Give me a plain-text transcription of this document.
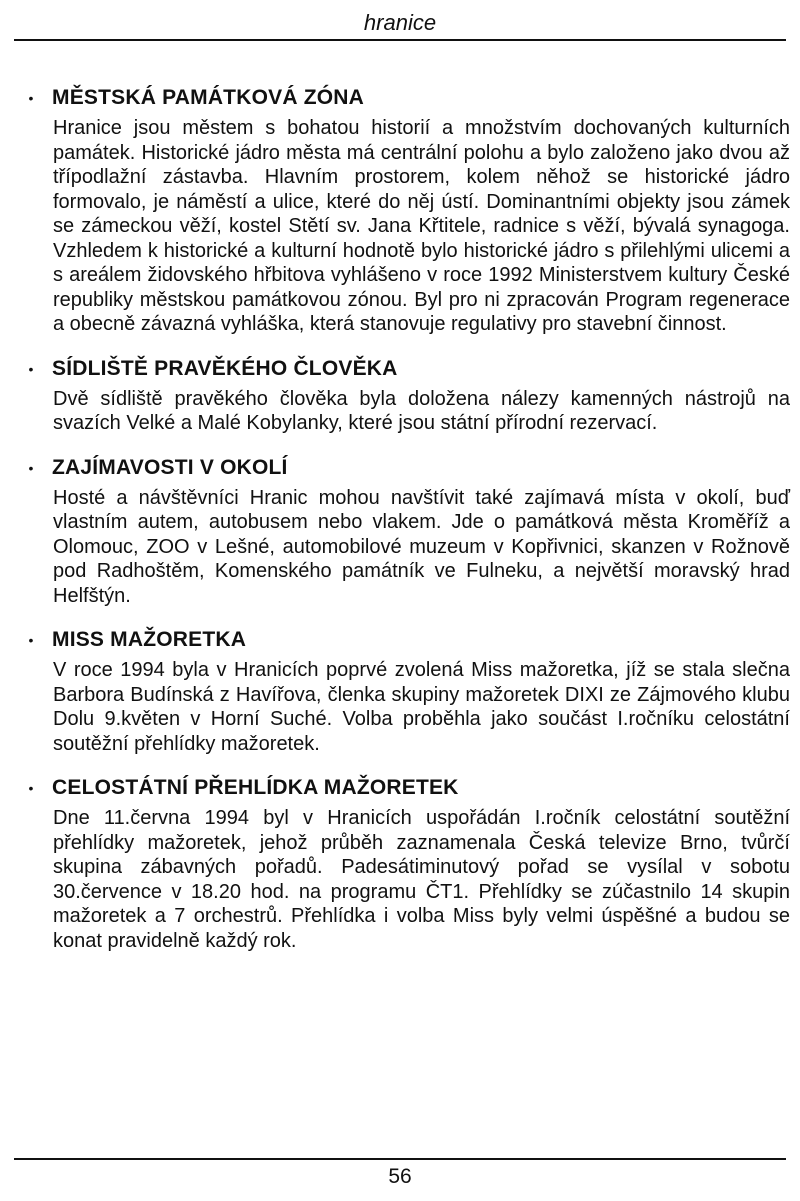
hranice
• MĚSTSKÁ PAMÁTKOVÁ ZÓNA

Hranice jsou městem s bohatou historií a množstvím dochovaných kulturních památek. Historické jádro města má centrální polohu a bylo založeno jako dvou až třípodlažní zástavba. Hlavním prostorem, kolem něhož se historické jádro formovalo, je náměstí a ulice, které do něj ústí. Dominantními objekty jsou zámek se zámeckou věží, kostel Stětí sv. Jana Křtitele, radnice s věží, bývalá synagoga. Vzhledem k historické a kulturní hodnotě bylo historické jádro s přilehlými ulicemi a s areálem židovského hřbitova vyhlášeno v roce 1992 Ministerstvem kultury České republiky městskou památkovou zónou. Byl pro ni zpracován Program regenerace a obecně závazná vyhláška, která stanovuje regulativy pro stavební činnost.

• SÍDLIŠTĚ PRAVĚKÉHO ČLOVĚKA

Dvě sídliště pravěkého člověka byla doložena nálezy kamenných nástrojů na svazích Velké a Malé Kobylanky, které jsou státní přírodní rezervací.

• ZAJÍMAVOSTI V OKOLÍ

Hosté a návštěvníci Hranic mohou navštívit také zajímavá místa v okolí, buď vlastním autem, autobusem nebo vlakem. Jde o památková města Kroměříž a Olomouc, ZOO v Lešné, automobilové muzeum v Kopřivnici, skanzen v Rožnově pod Radhoštěm, Komenského památník ve Fulneku, a největší moravský hrad Helfštýn.

• MISS MAŽORETKA

V roce 1994 byla v Hranicích poprvé zvolená Miss mažoretka, jíž se stala slečna Barbora Budínská z Havířova, členka skupiny mažoretek DIXI ze Zájmového klubu Dolu 9.květen v Horní Suché. Volba proběhla jako součást I.ročníku celostátní soutěžní přehlídky mažoretek.

• CELOSTÁTNÍ PŘEHLÍDKA MAŽORETEK

Dne 11.června 1994 byl v Hranicích uspořádán I.ročník celostátní soutěžní přehlídky mažoretek, jehož průběh zaznamenala Česká televize Brno, tvůrčí skupina zábavných pořadů. Padesátiminutový pořad se vysílal v sobotu 30.července v 18.20 hod. na programu ČT1. Přehlídky se zúčastnilo 14 skupin mažoretek a 7 orchestrů. Přehlídka i volba Miss byly velmi úspěšné a budou se konat pravidelně každý rok.

56
